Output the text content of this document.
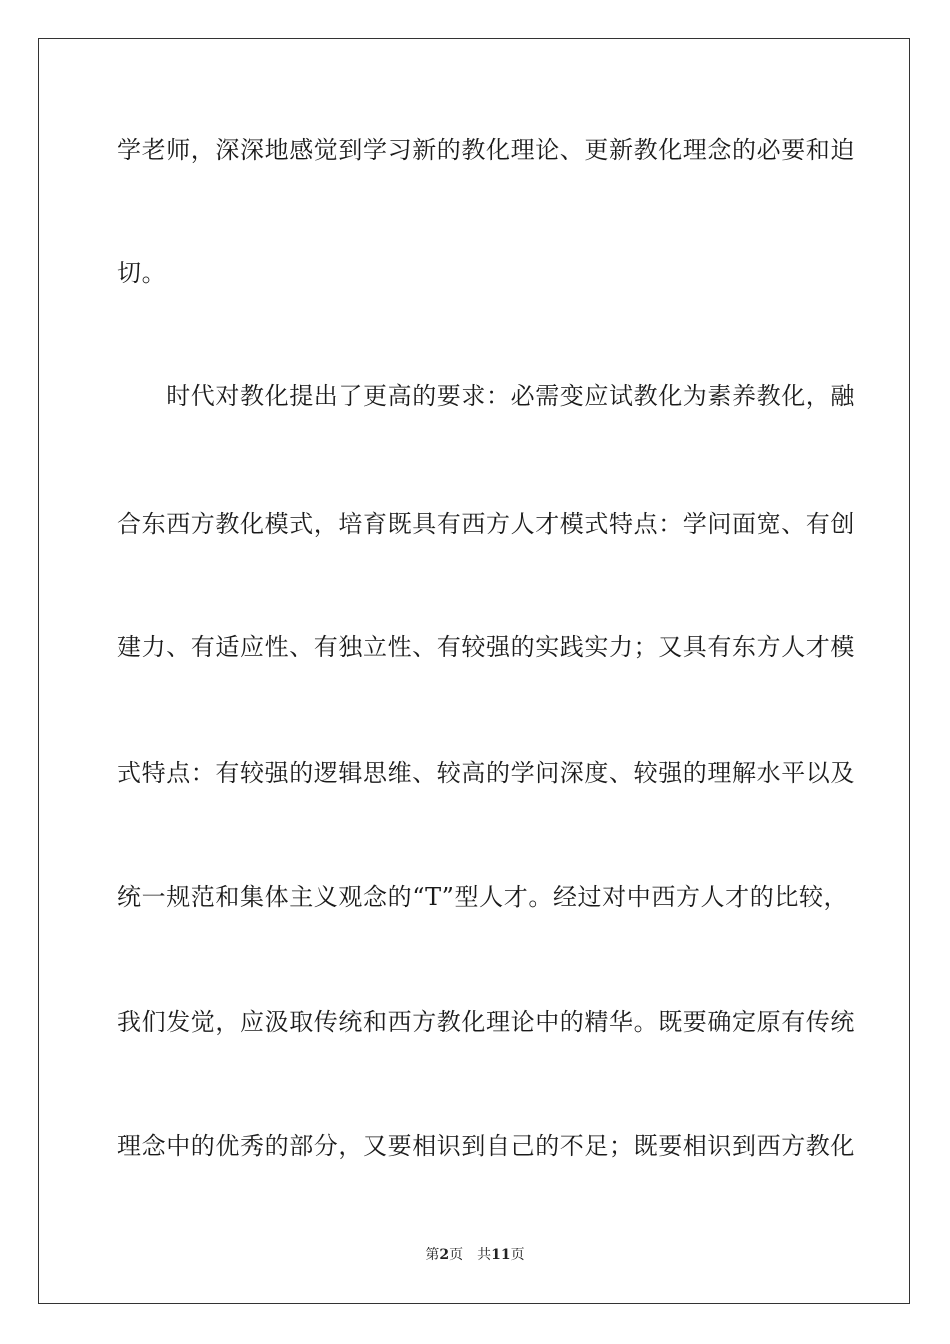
学老师，深深地感觉到学习新的教化理论、更新教化理念的必要和迫
切。
　　时代对教化提出了更高的要求：必需变应试教化为素养教化，融
合东西方教化模式，培育既具有西方人才模式特点：学问面宽、有创
建力、有适应性、有独立性、有较强的实践实力；又具有东方人才模
式特点：有较强的逻辑思维、较高的学问深度、较强的理解水平以及
统一规范和集体主义观念的“T”型人才。经过对中西方人才的比较，
我们发觉，应汲取传统和西方教化理论中的精华。既要确定原有传统
理念中的优秀的部分，又要相识到自己的不足；既要相识到西方教化
第2页 共11页
